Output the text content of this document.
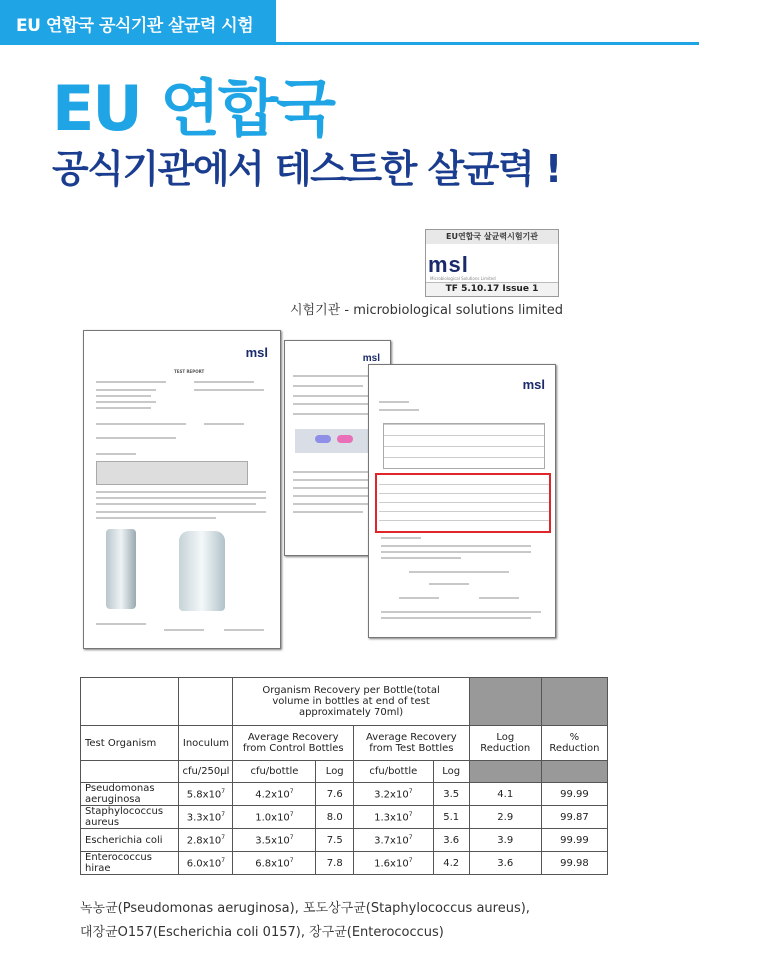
EU 연합국 공식기관 살균력 시험
EU 연합국
공식기관에서 테스트한 살균력 !
EU연합국 살균력시험기관
msl
Microbiological Solutions Limited
TF 5.10.17 Issue 1
시험기관 - microbiological solutions limited
msl
TEST REPORT
msl
msl
		Organism Recovery per Bottle(total volume in bottles at end of test approximately 70ml)					
Test Organism	Inoculum	Average Recovery from Control Bottles		Average Recovery from Test Bottles		Log Reduction	% Reduction
	cfu/250μl	cfu/bottle	Log	cfu/bottle	Log		
Pseudomonas aeruginosa	$5.8x10^7$	$4.2x10^7$	7.6	$3.2x10^7$	3.5	4.1	99.99
Staphylococcus aureus	$3.3x10^7$	$1.0x10^7$	8.0	$1.3x10^7$	5.1	2.9	99.87
Escherichia coli	$2.8x10^7$	$3.5x10^7$	7.5	$3.7x10^7$	3.6	3.9	99.99
Enterococcus hirae	$6.0x10^7$	$6.8x10^7$	7.8	$1.6x10^7$	4.2	3.6	99.98
녹농균(Pseudomonas aeruginosa), 포도상구균(Staphylococcus aureus),
대장균O157(Escherichia coli 0157), 장구균(Enterococcus)
